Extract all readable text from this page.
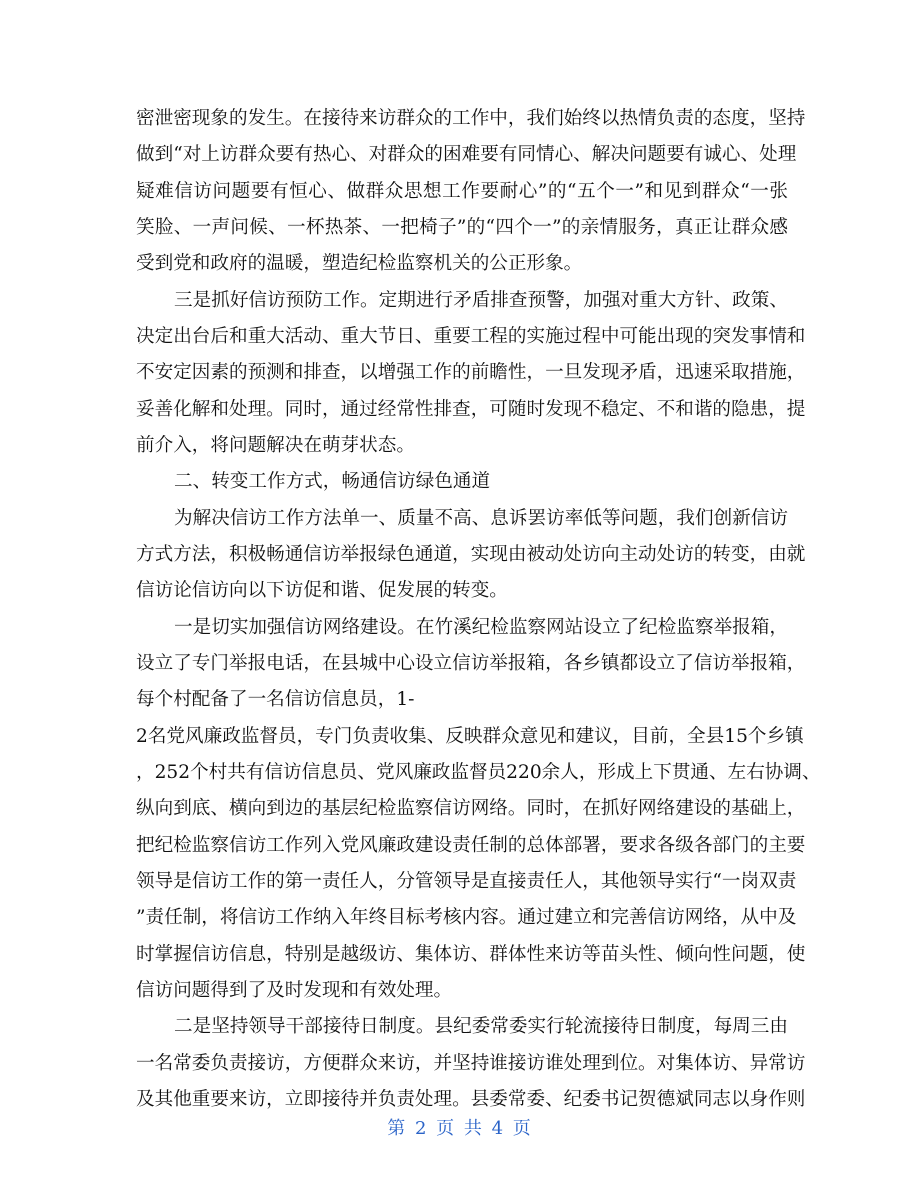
密泄密现象的发生。在接待来访群众的工作中，我们始终以热情负责的态度，坚持
做到“对上访群众要有热心、对群众的困难要有同情心、解决问题要有诚心、处理
疑难信访问题要有恒心、做群众思想工作要耐心”的“五个一”和见到群众“一张
笑脸、一声问候、一杯热茶、一把椅子”的“四个一”的亲情服务，真正让群众感
受到党和政府的温暖，塑造纪检监察机关的公正形象。
三是抓好信访预防工作。定期进行矛盾排查预警，加强对重大方针、政策、
决定出台后和重大活动、重大节日、重要工程的实施过程中可能出现的突发事情和
不安定因素的预测和排查，以增强工作的前瞻性，一旦发现矛盾，迅速采取措施，
妥善化解和处理。同时，通过经常性排查，可随时发现不稳定、不和谐的隐患，提
前介入，将问题解决在萌芽状态。
二、转变工作方式，畅通信访绿色通道
为解决信访工作方法单一、质量不高、息诉罢访率低等问题，我们创新信访
方式方法，积极畅通信访举报绿色通道，实现由被动处访向主动处访的转变，由就
信访论信访向以下访促和谐、促发展的转变。
一是切实加强信访网络建设。在竹溪纪检监察网站设立了纪检监察举报箱，
设立了专门举报电话，在县城中心设立信访举报箱，各乡镇都设立了信访举报箱，
每个村配备了一名信访信息员，1-
2名党风廉政监督员，专门负责收集、反映群众意见和建议，目前，全县15个乡镇
，252个村共有信访信息员、党风廉政监督员220余人，形成上下贯通、左右协调、
纵向到底、横向到边的基层纪检监察信访网络。同时，在抓好网络建设的基础上，
把纪检监察信访工作列入党风廉政建设责任制的总体部署，要求各级各部门的主要
领导是信访工作的第一责任人，分管领导是直接责任人，其他领导实行“一岗双责
”责任制，将信访工作纳入年终目标考核内容。通过建立和完善信访网络，从中及
时掌握信访信息，特别是越级访、集体访、群体性来访等苗头性、倾向性问题，使
信访问题得到了及时发现和有效处理。
二是坚持领导干部接待日制度。县纪委常委实行轮流接待日制度，每周三由
一名常委负责接访，方便群众来访，并坚持谁接访谁处理到位。对集体访、异常访
及其他重要来访，立即接待并负责处理。县委常委、纪委书记贺德斌同志以身作则
第 2 页 共 4 页
